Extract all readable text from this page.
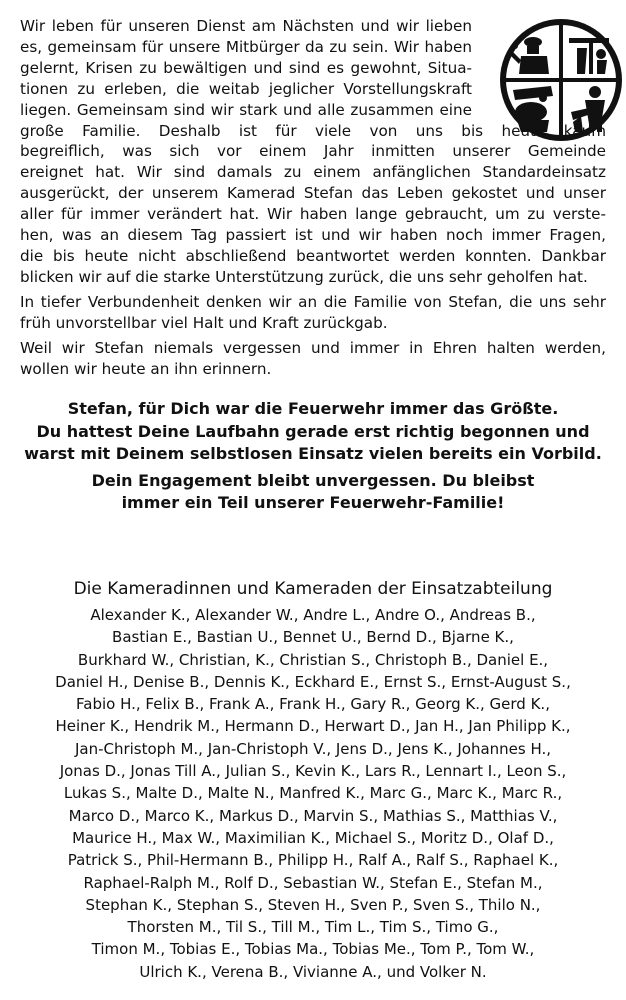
Wir leben für unseren Dienst am Nächsten und wir lieben
es, gemeinsam für unsere Mitbürger da zu sein. Wir haben
gelernt, Krisen zu bewältigen und sind es gewohnt, Situa-
tionen zu erleben, die weitab jeglicher Vorstellungskraft
liegen. Gemeinsam sind wir stark und alle zusammen eine
große Familie. Deshalb ist für viele von uns bis heute kaum
begreiflich, was sich vor einem Jahr inmitten unserer Gemeinde
ereignet hat. Wir sind damals zu einem anfänglichen Standardeinsatz
ausgerückt, der unserem Kamerad Stefan das Leben gekostet und unser
aller für immer verändert hat. Wir haben lange gebraucht, um zu verste-
hen, was an diesem Tag passiert ist und wir haben noch immer Fragen,
die bis heute nicht abschließend beantwortet werden konnten. Dankbar
blicken wir auf die starke Unterstützung zurück, die uns sehr geholfen hat.
In tiefer Verbundenheit denken wir an die Familie von Stefan, die uns sehr
früh unvorstellbar viel Halt und Kraft zurückgab.
Weil wir Stefan niemals vergessen und immer in Ehren halten werden,
wollen wir heute an ihn erinnern.

Stefan, für Dich war die Feuerwehr immer das Größte.
Du hattest Deine Laufbahn gerade erst richtig begonnen und
warst mit Deinem selbstlosen Einsatz vielen bereits ein Vorbild.

Dein Engagement bleibt unvergessen. Du bleibst
immer ein Teil unserer Feuerwehr-Familie!

Die Kameradinnen und Kameraden der Einsatzabteilung
Alexander K., Alexander W., Andre L., Andre O., Andreas B.,
Bastian E., Bastian U., Bennet U., Bernd D., Bjarne K.,
Burkhard W., Christian, K., Christian S., Christoph B., Daniel E.,
Daniel H., Denise B., Dennis K., Eckhard E., Ernst S., Ernst-August S.,
Fabio H., Felix B., Frank A., Frank H., Gary R., Georg K., Gerd K.,
Heiner K., Hendrik M., Hermann D., Herwart D., Jan H., Jan Philipp K.,
Jan-Christoph M., Jan-Christoph V., Jens D., Jens K., Johannes H.,
Jonas D., Jonas Till A., Julian S., Kevin K., Lars R., Lennart I., Leon S.,
Lukas S., Malte D., Malte N., Manfred K., Marc G., Marc K., Marc R.,
Marco D., Marco K., Markus D., Marvin S., Mathias S., Matthias V.,
Maurice H., Max W., Maximilian K., Michael S., Moritz D., Olaf D.,
Patrick S., Phil-Hermann B., Philipp H., Ralf A., Ralf S., Raphael K.,
Raphael-Ralph M., Rolf D., Sebastian W., Stefan E., Stefan M.,
Stephan K., Stephan S., Steven H., Sven P., Sven S., Thilo N.,
Thorsten M., Til S., Till M., Tim L., Tim S., Timo G.,
Timon M., Tobias E., Tobias Ma., Tobias Me., Tom P., Tom W.,
Ulrich K., Verena B., Vivianne A., und Volker N.
